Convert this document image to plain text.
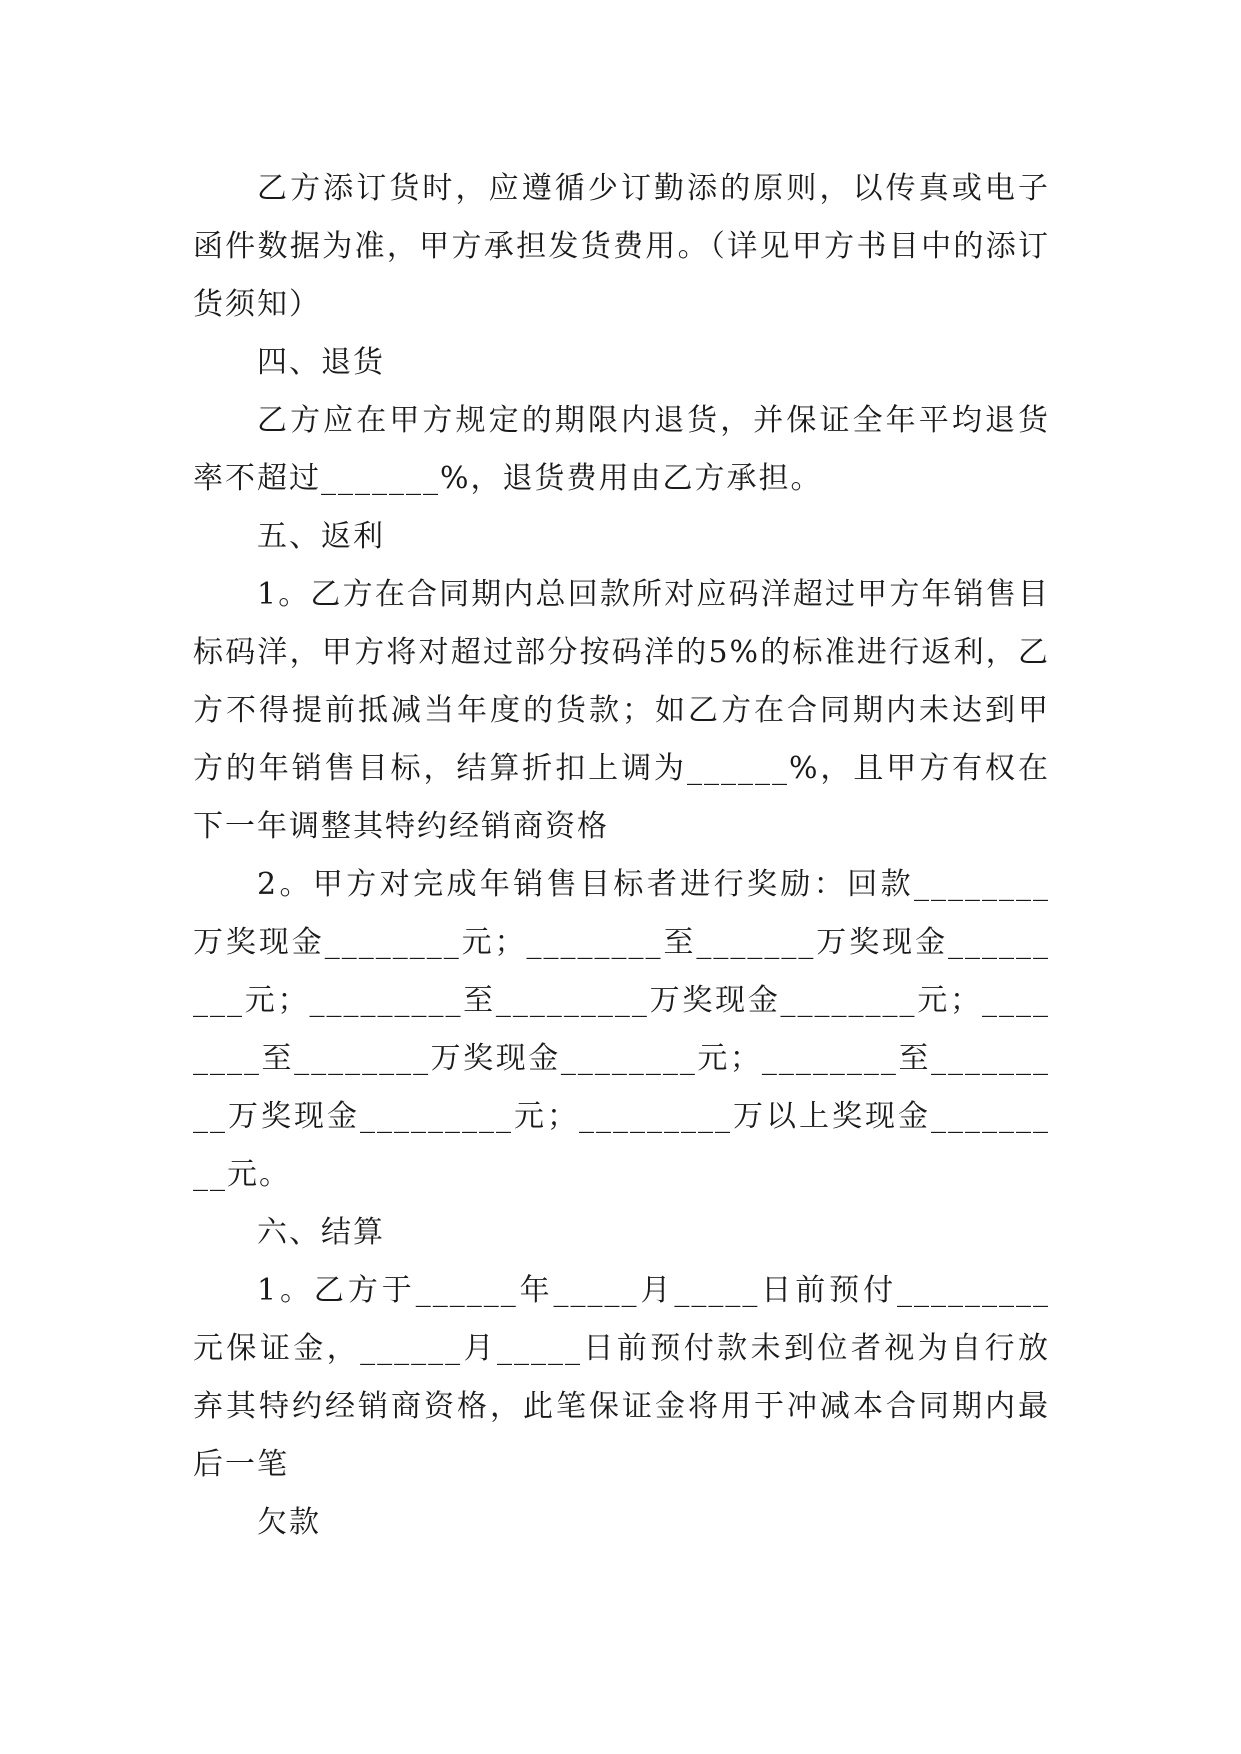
乙方添订货时，应遵循少订勤添的原则，以传真或电子函件数据为准，甲方承担发货费用。（详见甲方书目中的添订货须知）

四、退货

乙方应在甲方规定的期限内退货，并保证全年平均退货率不超过_______%，退货费用由乙方承担。

五、返利

1。乙方在合同期内总回款所对应码洋超过甲方年销售目标码洋，甲方将对超过部分按码洋的5%的标准进行返利，乙方不得提前抵减当年度的货款；如乙方在合同期内未达到甲方的年销售目标，结算折扣上调为______%，且甲方有权在下一年调整其特约经销商资格

2。甲方对完成年销售目标者进行奖励：回款________万奖现金________元；________至_______万奖现金_________元；_________至_________万奖现金________元；________至________万奖现金________元；________至_________万奖现金_________元；_________万以上奖现金_________元。

六、结算

1。乙方于______年_____月_____日前预付_________元保证金，______月_____日前预付款未到位者视为自行放弃其特约经销商资格，此笔保证金将用于冲减本合同期内最后一笔

欠款
